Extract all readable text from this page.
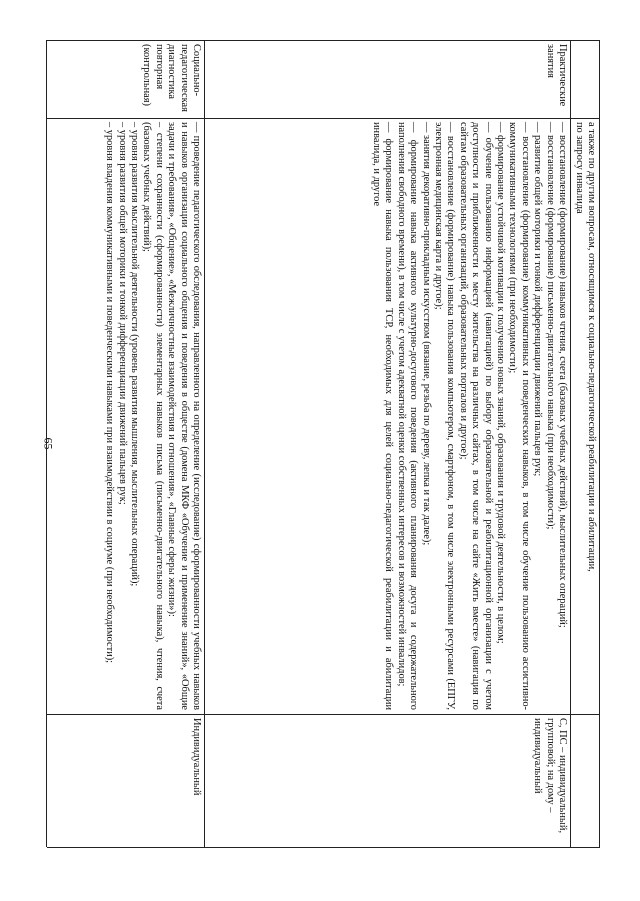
65	а также по другим вопросам, относящимся к социально-педагогической реабилитации и абилитации,

по запросу инвалида

Практические занятия

— восстановление (формирование) навыков чтения, счета (базовых учебных действий), мыслительных операций;

— восстановление (формирование) письменно-двигательного навыка (при необходимости);

— развитие общей моторики и тонкой дифференциации движений пальцев рук;

— восстановление (формирование) коммуникативных и поведенческих навыков, в том числе обучение пользованию ассистивно-коммуникативными технологиями (при необходимости);

— формирование устойчивой мотивации к получению новых знаний, образования и трудовой деятельности, в целом;

— обучение пользованию информацией (навигацией) по выбору образовательной и реабилитационной организации с учетом доступности и приближенности к месту жительства на различных сайтах, в том числе на сайте «Жить вместе» (навигация по сайтам образовательных организаций, образовательных порталов и другое);

— восстановление (формирование) навыка пользования компьютером, смартфоном, в том числе электронными ресурсами (ЕПГУ, электронная медицинская карта и другое);

— занятия декоративно-прикладным искусством (вязание, резьба по дереву, лепка и так далее);

— формирование навыка активного культурно-досугового поведения (активного планирования досуга и содержательного наполнения свободного времени), в том числе с учетом адекватной оценки собственных интересов и возможностей инвалидов;

— формирование навыка пользования ТСР, необходимых для целей социально-педагогической реабилитации и абилитации инвалида, и другое

С, ПС – индивидуальный, групповой; на дому – индивидуальный
Социально-педагогическая диагностика повторная (контрольная)

— проведение педагогического обследования, направленного на определение (исследование) сформированности учебных навыков и навыков организации социального общения и поведения в обществе (домена МКФ «Обучение и применение знаний», «Общие задачи и требования», «Общение», «Межличностные взаимодействия и отношения», «Главные сферы жизни»):

– степени сохранности (сформированности) элементарных навыков письма (письменно-двигательного навыка), чтения, счета (базовых учебных действий);

– уровня развития мыслительной деятельности (уровень развития мышления, мыслительных операций);

– уровня развития общей моторики и тонкой дифференциации движений пальцев рук;

– уровня владения коммуникативными и поведенческими навыками при взаимодействии в социуме (при необходимости);

Индивидуальный
